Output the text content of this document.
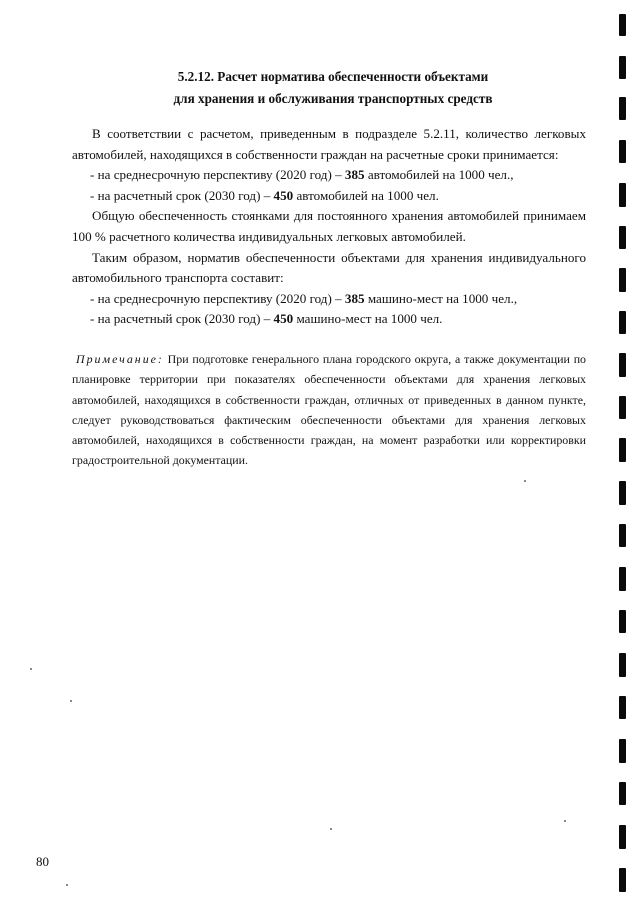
5.2.12. Расчет норматива обеспеченности объектами
для хранения и обслуживания транспортных средств

В соответствии с расчетом, приведенным в подразделе 5.2.11, количество легковых автомобилей, находящихся в собственности граждан на расчетные сроки принимается:

- на среднесрочную перспективу (2020 год) – 385 автомобилей на 1000 чел.,

- на расчетный срок (2030 год) – 450 автомобилей на 1000 чел.

Общую обеспеченность стоянками для постоянного хранения автомобилей принимаем 100 % расчетного количества индивидуальных легковых автомобилей.

Таким образом, норматив обеспеченности объектами для хранения индивидуального автомобильного транспорта составит:

- на среднесрочную перспективу (2020 год) – 385 машино-мест на 1000 чел.,

- на расчетный срок (2030 год) – 450 машино-мест на 1000 чел.

Примечание: При подготовке генерального плана городского округа, а также документации по планировке территории при показателях обеспеченности объектами для хранения легковых автомобилей, находящихся в собственности граждан, отличных от приведенных в данном пункте, следует руководствоваться фактическим обеспеченности объектами для хранения легковых автомобилей, находящихся в собственности граждан, на момент разработки или корректировки градостроительной документации.
80
